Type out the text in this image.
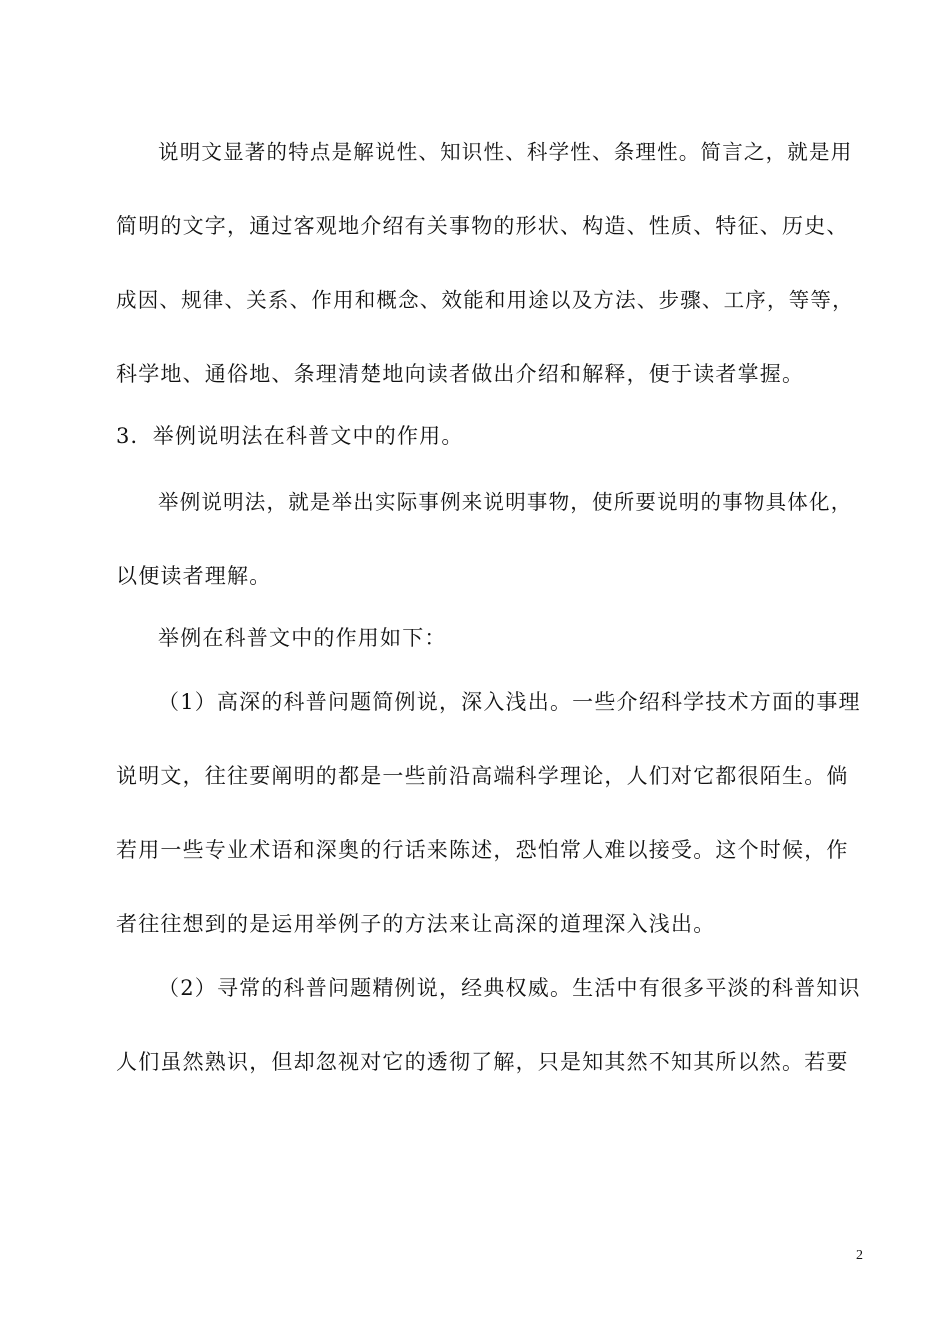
说明文显著的特点是解说性、知识性、科学性、条理性。简言之，就是用
简明的文字，通过客观地介绍有关事物的形状、构造、性质、特征、历史、
成因、规律、关系、作用和概念、效能和用途以及方法、步骤、工序，等等，
科学地、通俗地、条理清楚地向读者做出介绍和解释，便于读者掌握。
3．举例说明法在科普文中的作用。
举例说明法，就是举出实际事例来说明事物，使所要说明的事物具体化，
以便读者理解。
举例在科普文中的作用如下：
（1）高深的科普问题简例说，深入浅出。一些介绍科学技术方面的事理
说明文，往往要阐明的都是一些前沿高端科学理论，人们对它都很陌生。倘
若用一些专业术语和深奥的行话来陈述，恐怕常人难以接受。这个时候，作
者往往想到的是运用举例子的方法来让高深的道理深入浅出。
（2）寻常的科普问题精例说，经典权威。生活中有很多平淡的科普知识
人们虽然熟识，但却忽视对它的透彻了解，只是知其然不知其所以然。若要
2
